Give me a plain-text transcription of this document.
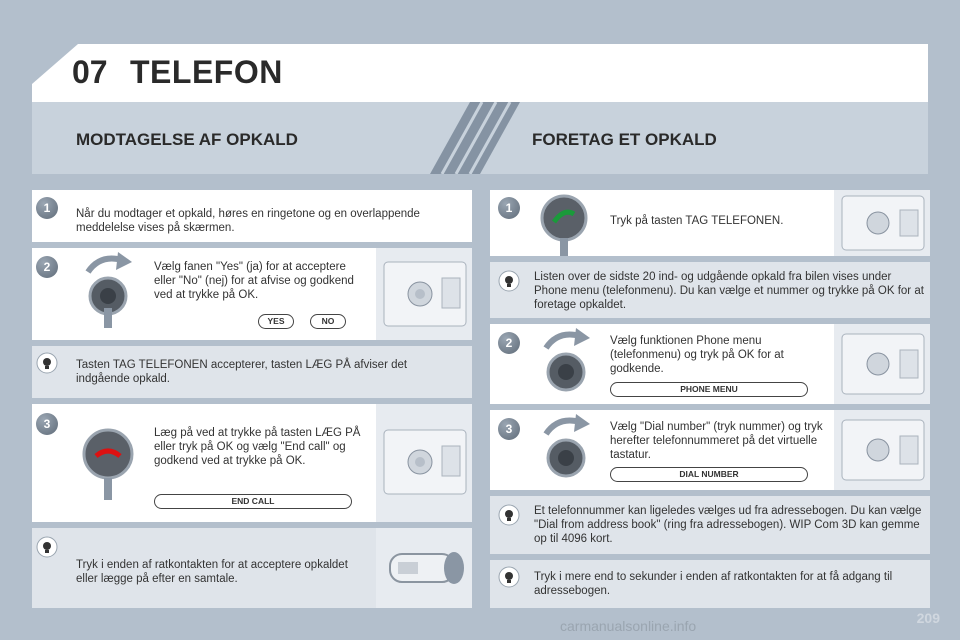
07 TELEFON
MODTAGELSE AF OPKALD	FORETAG ET OPKALD
1	Når du modtager et opkald, høres en ringetone og en overlappende meddelelse vises på skærmen.
2	Vælg fanen "Yes" (ja) for at acceptere eller "No" (nej) for at afvise og godkend ved at trykke på OK.
YES	NO
Tasten TAG TELEFONEN accepterer, tasten LÆG PÅ afviser det indgående opkald.
3
Læg på ved at trykke på tasten LÆG PÅ eller tryk på OK og vælg "End call" og godkend ved at trykke på OK.
END CALL
Tryk i enden af ratkontakten for at acceptere opkaldet eller lægge på efter en samtale.
1
Tryk på tasten TAG TELEFONEN.
Listen over de sidste 20 ind- og udgående opkald fra bilen vises under Phone menu (telefonmenu). Du kan vælge et nummer og trykke på OK for at foretage opkaldet.
2	Vælg funktionen Phone menu (telefonmenu) og tryk på OK for at godkende.
PHONE MENU
3	Vælg "Dial number" (tryk nummer) og tryk herefter telefonnummeret på det virtuelle tastatur.
DIAL NUMBER
Et telefonnummer kan ligeledes vælges ud fra adressebogen. Du kan vælge "Dial from address book" (ring fra adressebogen). WIP Com 3D kan gemme op til 4096 kort.
Tryk i mere end to sekunder i enden af ratkontakten for at få adgang til adressebogen.
209
carmanualsonline.info
